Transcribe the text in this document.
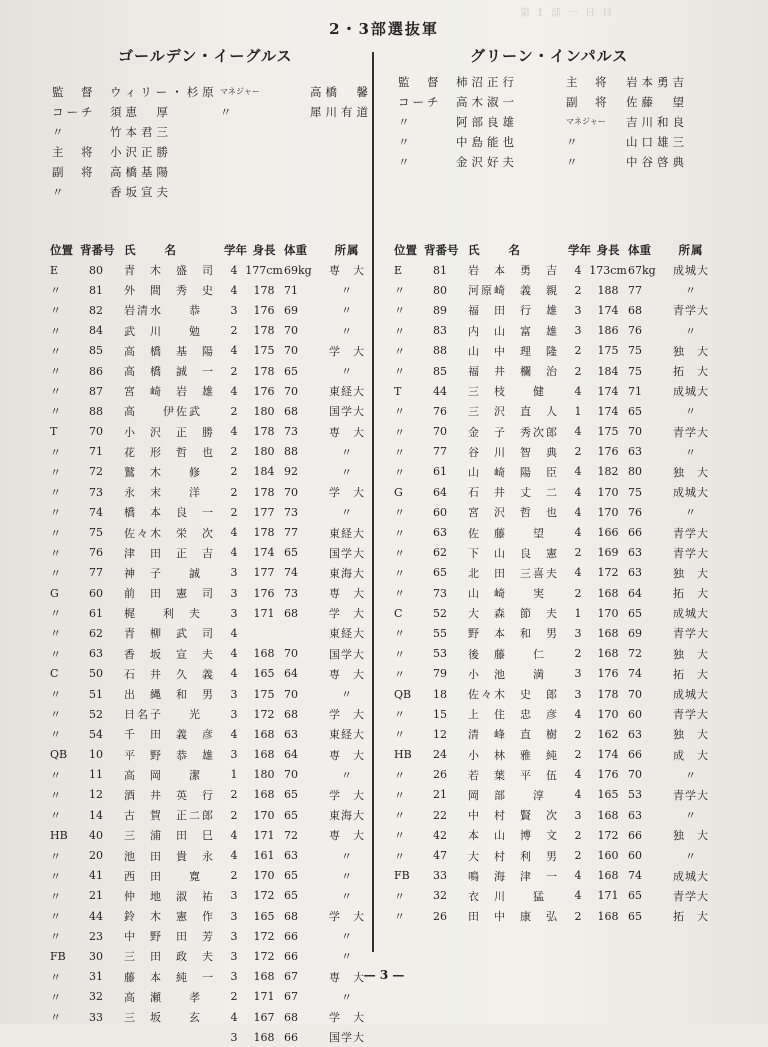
第 1 部 一 日 目
2・3部選抜軍
ゴールデン・イーグルス	グリーン・インパルス
監　督	ウィリー・杉原 マネジャー	高橋　馨
コーチ	須恵　厚	〃	犀川有道
〃	竹本君三
主　将	小沢正勝
副　将	高橋基陽
〃	香坂宣夫
監　督	柿沼正行	主　将	岩本勇吉
コーチ	高木淑一	副　将	佐藤　望
〃	阿部良雄	マネジャー	吉川和良
〃	中島能也	〃	山口雄三
〃	金沢好夫	〃	中谷啓典
位置 背番号 氏　　名	学年 身長 体重	所属
E	80	青　木　盛　司	4 177cm 69kg	専　大
〃	81	外　間　秀　史	4	178 71	〃
〃	82	岩清水　　恭	3	176 69	〃
〃	84	武　川　　勉	2	178 70	〃
〃	85	高　橋　基　陽	4	175 70	学　大
〃	86	高　橋　誠　一	2	178 65	〃
〃	87	宮　崎　岩　雄	4	176 70	東経大
〃	88	高　　伊佐武	2	180 68	国学大
T	70	小　沢　正　勝	4	178 73	専　大
〃	71	花　形　哲　也	2	180 88	〃
〃	72	鷲　木　　修	2	184 92	〃
〃	73	永　末　　洋	2	178 70	学　大
〃	74	橋　本　良　一	2	177 73	〃
〃	75	佐々木　栄　次	4	178 77	東経大
〃	76	津　田　正　吉	4	174 65	国学大
〃	77	神　子　　誠	3	177 74	東海大
G	60	前　田　憲　司	3	176 73	専　大
〃	61	梶　　利　夫	3	171 68	学　大
〃	62	青　柳　武　司	4	東経大
〃	63	香　坂　宣　夫	4	168 70	国学大
C	50	石　井　久　義	4	165 64	専　大
〃	51	出　縄　和　男	3	175 70	〃
〃	52	日名子　　光	3	172 68	学　大
〃	54	千　田　義　彦	4	168 63	東経大
QB	10	平　野　恭　雄	3	168 64	専　大
〃	11	高　岡　　潔	1	180 70	〃
〃	12	酒　井　英　行	2	168 65	学　大
〃	14	古　賀　正二郎	2	170 65	東海大
HB	40	三　浦　田　巳	4	171 72	専　大
〃	20	池　田　貴　永	4	161 63	〃
〃	41	西　田　　寛	2	170 65	〃
〃	21	仲　地　淑　祐	3	172 65	〃
〃	44	鈴　木　憲　作	3	165 68	学　大
〃	23	中　野　田　芳	3	172 66	〃
FB	30	三　田　政　夫	3	172 66	〃
〃	31	藤　本　純　一	3	168 67	専　大
〃	32	高　瀬　　孝	2	171 67	〃
〃	33	三　坂　　玄	4	167 68	学　大
3	168 66	国学大
位置 背番号 氏　　名	学年 身長 体重	所属
E	81	岩　本　勇　吉	4 173cm 67kg	成城大
〃	80	河原崎　義　親	2	188 77	〃
〃	89	福　田　行　雄	3	174 68	青学大
〃	83	内　山　富　雄	3	186 76	〃
〃	88	山　中　理　隆	2	175 75	独　大
〃	85	福　井　欄　治	2	184 75	拓　大
T	44	三　枝　　健	4	174 71	成城大
〃	76	三　沢　直　人	1	174 65	〃
〃	70	金　子　秀次郎	4	175 70	青学大
〃	77	谷　川　智　典	2	176 63	〃
〃	61	山　崎　陽　臣	4	182 80	独　大
G	64	石　井　丈　二	4	170 75	成城大
〃	60	宮　沢　哲　也	4	170 76	〃
〃	63	佐　藤　　望	4	166 66	青学大
〃	62	下　山　良　憲	2	169 63	青学大
〃	65	北　田　三喜夫	4	172 63	独　大
〃	73	山　崎　　実	2	168 64	拓　大
C	52	大　森　節　夫	1	170 65	成城大
〃	55	野　本　和　男	3	168 69	青学大
〃	53	後　藤　　仁	2	168 72	独　大
〃	79	小　池　　満	3	176 74	拓　大
QB	18	佐々木　史　郎	3	178 70	成城大
〃	15	上　住　忠　彦	4	170 60	青学大
〃	12	清　峰　直　樹	2	162 63	独　大
HB	24	小　林　雅　純	2	174 66	成　大
〃	26	若　葉　平　伍	4	176 70	〃
〃	21	岡　部　　淳	4	165 53	青学大
〃	22	中　村　賢　次	3	168 63	〃
〃	42	本　山　博　文	2	172 66	独　大
〃	47	大　村　利　男	2	160 60	〃
FB	33	鳴　海　津　一	4	168 74	成城大
〃	32	衣　川　　猛	4	171 65	青学大
〃	26	田　中　康　弘	2	168 65	拓　大
— 3 —
